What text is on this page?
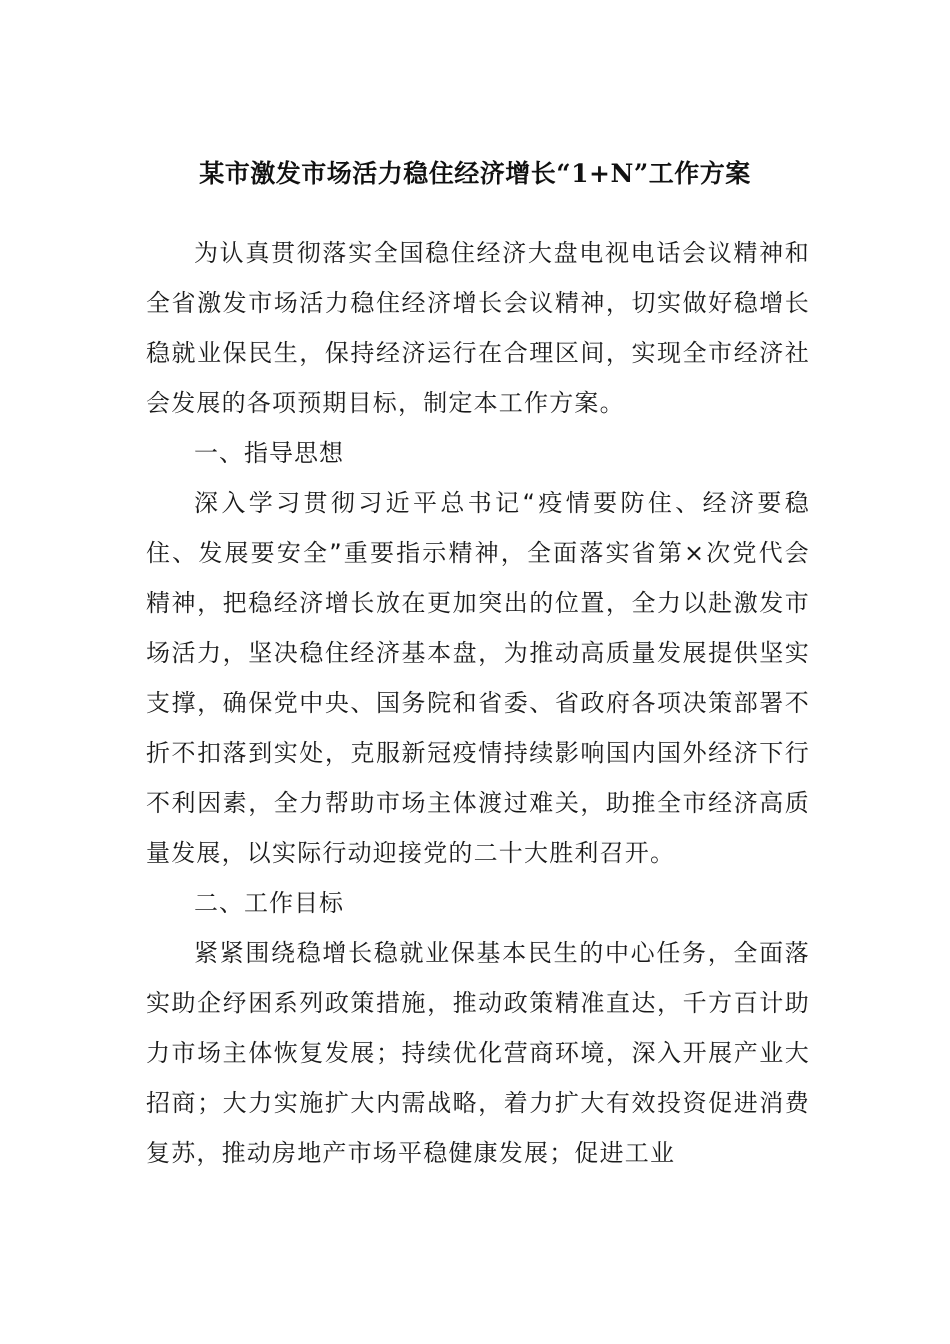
某市激发市场活力稳住经济增长“1+N”工作方案

为认真贯彻落实全国稳住经济大盘电视电话会议精神和全省激发市场活力稳住经济增长会议精神，切实做好稳增长稳就业保民生，保持经济运行在合理区间，实现全市经济社会发展的各项预期目标，制定本工作方案。

一、指导思想

深入学习贯彻习近平总书记“疫情要防住、经济要稳住、发展要安全”重要指示精神，全面落实省第×次党代会精神，把稳经济增长放在更加突出的位置，全力以赴激发市场活力，坚决稳住经济基本盘，为推动高质量发展提供坚实支撑，确保党中央、国务院和省委、省政府各项决策部署不折不扣落到实处，克服新冠疫情持续影响国内国外经济下行不利因素，全力帮助市场主体渡过难关，助推全市经济高质量发展，以实际行动迎接党的二十大胜利召开。

二、工作目标

紧紧围绕稳增长稳就业保基本民生的中心任务，全面落实助企纾困系列政策措施，推动政策精准直达，千方百计助力市场主体恢复发展；持续优化营商环境，深入开展产业大招商；大力实施扩大内需战略，着力扩大有效投资促进消费复苏，推动房地产市场平稳健康发展；促进工业
